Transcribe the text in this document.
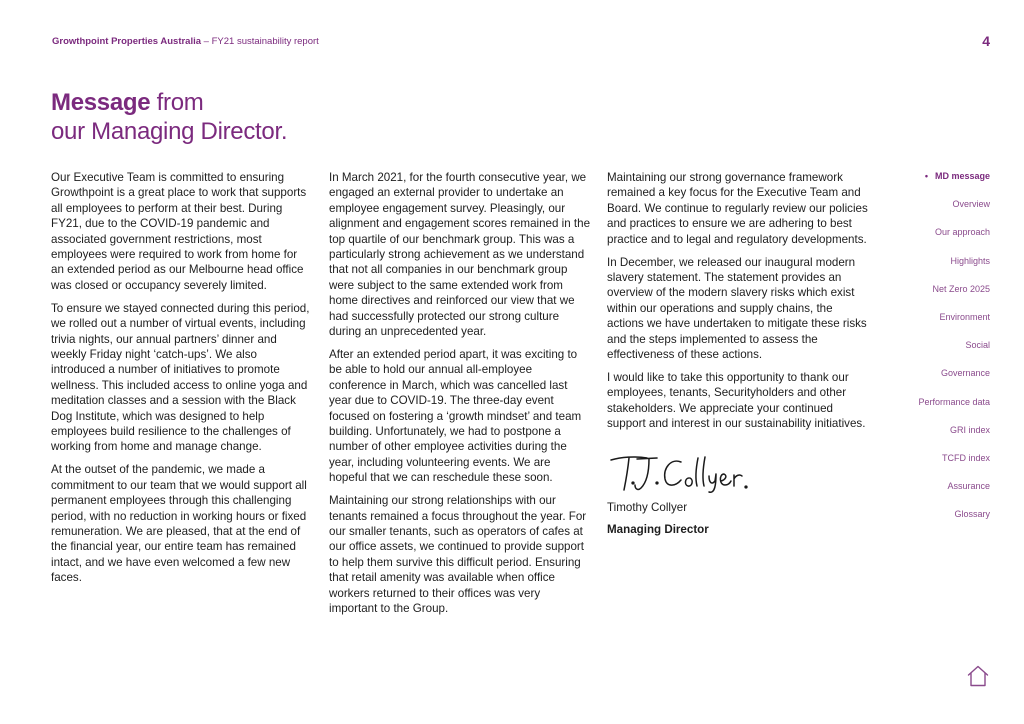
Growthpoint Properties Australia – FY21 sustainability report	4
Message from
our Managing Director.

Our Executive Team is committed to ensuring Growthpoint is a great place to work that supports all employees to perform at their best. During FY21, due to the COVID-19 pandemic and associated government restrictions, most employees were required to work from home for an extended period as our Melbourne head office was closed or occupancy severely limited.

To ensure we stayed connected during this period, we rolled out a number of virtual events, including trivia nights, our annual partners’ dinner and weekly Friday night ‘catch-ups’. We also introduced a number of initiatives to promote wellness. This included access to online yoga and meditation classes and a session with the Black Dog Institute, which was designed to help employees build resilience to the challenges of working from home and manage change.

At the outset of the pandemic, we made a commitment to our team that we would support all permanent employees through this challenging period, with no reduction in working hours or fixed remuneration. We are pleased, that at the end of the financial year, our entire team has remained intact, and we have even welcomed a few new faces.

In March 2021, for the fourth consecutive year, we engaged an external provider to undertake an employee engagement survey. Pleasingly, our alignment and engagement scores remained in the top quartile of our benchmark group. This was a particularly strong achievement as we understand that not all companies in our benchmark group were subject to the same extended work from home directives and reinforced our view that we had successfully protected our strong culture during an unprecedented year.

After an extended period apart, it was exciting to be able to hold our annual all-employee conference in March, which was cancelled last year due to COVID-19. The three-day event focused on fostering a ‘growth mindset’ and team building. Unfortunately, we had to postpone a number of other employee activities during the year, including volunteering events. We are hopeful that we can reschedule these soon.

Maintaining our strong relationships with our tenants remained a focus throughout the year. For our smaller tenants, such as operators of cafes at our office assets, we continued to provide support to help them survive this difficult period. Ensuring that retail amenity was available when office workers returned to their offices was very important to the Group.

Maintaining our strong governance framework remained a key focus for the Executive Team and Board. We continue to regularly review our policies and practices to ensure we are adhering to best practice and to legal and regulatory developments.

In December, we released our inaugural modern slavery statement. The statement provides an overview of the modern slavery risks which exist within our operations and supply chains, the actions we have undertaken to mitigate these risks and the steps implemented to assess the effectiveness of these actions.

I would like to take this opportunity to thank our employees, tenants, Securityholders and other stakeholders. We appreciate your continued support and interest in our sustainability initiatives.

Timothy Collyer

Managing Director

• MD message
Overview
Our approach
Highlights
Net Zero 2025
Environment
Social
Governance
Performance data
GRI index
TCFD index
Assurance
Glossary
